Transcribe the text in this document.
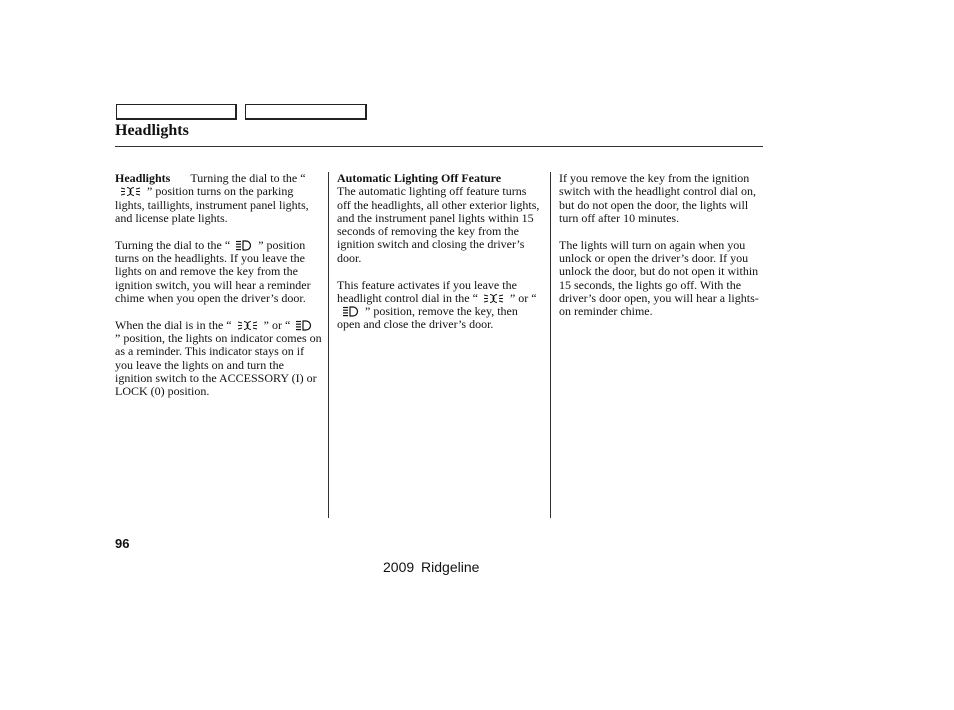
Headlights

Headlights Turning the dial to the “
” position turns on the parking lights, taillights, instrument panel lights, and license plate lights.

Turning the dial to the “ ” position turns on the headlights. If you leave the lights on and remove the key from the ignition switch, you will hear a reminder chime when you open the driver’s door.

When the dial is in the “	” or “
” position, the lights on indicator comes on as a reminder. This indicator stays on if you leave the lights on and turn the ignition switch to the ACCESSORY (I) or LOCK (0) position.

Automatic Lighting Off Feature
The automatic lighting off feature turns off the headlights, all other exterior lights, and the instrument panel lights within 15 seconds of removing the key from the ignition switch and closing the driver’s door.

This feature activates if you leave the headlight control dial in the “	” or “
” position, remove the key, then open and close the driver’s door.

If you remove the key from the ignition switch with the headlight control dial on, but do not open the door, the lights will turn off after 10 minutes.

The lights will turn on again when you unlock or open the driver’s door. If you unlock the door, but do not open it within 15 seconds, the lights go off. With the driver’s door open, you will hear a lights-on reminder chime.

96
2009 Ridgeline
